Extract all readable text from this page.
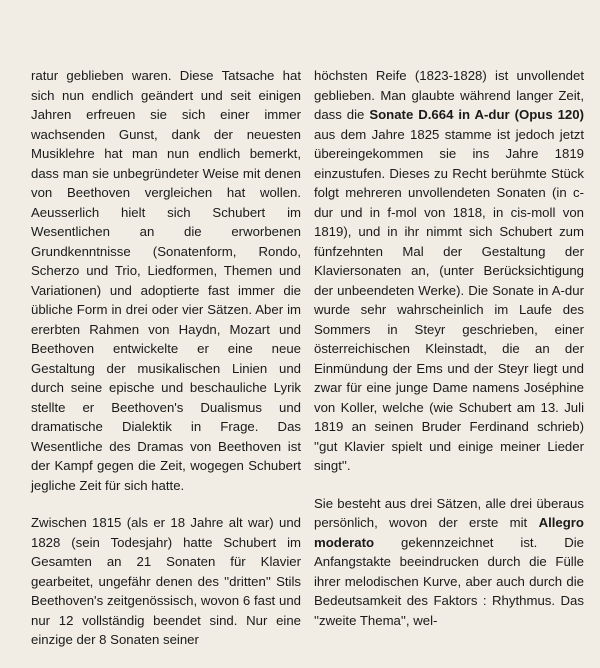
ratur geblieben waren. Diese Tatsache hat sich nun endlich geändert und seit einigen Jahren erfreuen sie sich einer immer wachsenden Gunst, dank der neuesten Musiklehre hat man nun endlich bemerkt, dass man sie unbegründeter Weise mit denen von Beethoven vergleichen hat wollen. Aeusserlich hielt sich Schubert im Wesentlichen an die erworbenen Grundkenntnisse (Sonatenform, Rondo, Scherzo und Trio, Liedformen, Themen und Variationen) und adoptierte fast immer die übliche Form in drei oder vier Sätzen. Aber im ererbten Rahmen von Haydn, Mozart und Beethoven entwickelte er eine neue Gestaltung der musikalischen Linien und durch seine epische und beschauliche Lyrik stellte er Beethoven's Dualismus und dramatische Dialektik in Frage. Das Wesentliche des Dramas von Beethoven ist der Kampf gegen die Zeit, wogegen Schubert jegliche Zeit für sich hatte.

Zwischen 1815 (als er 18 Jahre alt war) und 1828 (sein Todesjahr) hatte Schubert im Gesamten an 21 Sonaten für Klavier gearbeitet, ungefähr denen des ''dritten'' Stils Beethoven's zeitgenössisch, wovon 6 fast und nur 12 vollständig beendet sind. Nur eine einzige der 8 Sonaten seiner

höchsten Reife (1823-1828) ist unvollendet geblieben. Man glaubte während langer Zeit, dass die Sonate D.664 in A-dur (Opus 120) aus dem Jahre 1825 stamme ist jedoch jetzt übereingekommen sie ins Jahre 1819 einzustufen. Dieses zu Recht berühmte Stück folgt mehreren unvollendeten Sonaten (in c-dur und in f-mol von 1818, in cis-moll von 1819), und in ihr nimmt sich Schubert zum fünfzehnten Mal der Gestaltung der Klaviersonaten an, (unter Berücksichtigung der unbeendeten Werke). Die Sonate in A-dur wurde sehr wahrscheinlich im Laufe des Sommers in Steyr geschrieben, einer österreichischen Kleinstadt, die an der Einmündung der Ems und der Steyr liegt und zwar für eine junge Dame namens Joséphine von Koller, welche (wie Schubert am 13. Juli 1819 an seinen Bruder Ferdinand schrieb) ''gut Klavier spielt und einige meiner Lieder singt''.

Sie besteht aus drei Sätzen, alle drei überaus persönlich, wovon der erste mit Allegro moderato gekennzeichnet ist. Die Anfangstakte beeindrucken durch die Fülle ihrer melodischen Kurve, aber auch durch die Bedeutsamkeit des Faktors : Rhythmus. Das ''zweite Thema'', wel-
